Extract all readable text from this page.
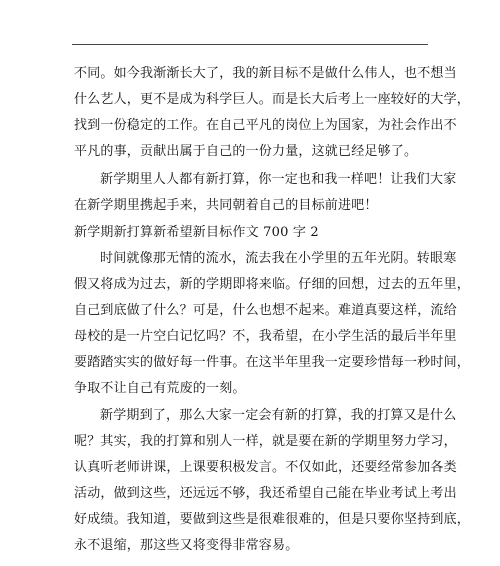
不同。如今我渐渐长大了，我的新目标不是做什么伟人，也不想当
什么艺人，更不是成为科学巨人。而是长大后考上一座较好的大学，
找到一份稳定的工作。在自己平凡的岗位上为国家，为社会作出不
平凡的事，贡献出属于自己的一份力量，这就已经足够了。
新学期里人人都有新打算，你一定也和我一样吧！让我们大家
在新学期里携起手来，共同朝着自己的目标前进吧！
新学期新打算新希望新目标作文 700 字 2
时间就像那无情的流水，流去我在小学里的五年光阴。转眼寒
假又将成为过去，新的学期即将来临。仔细的回想，过去的五年里，
自己到底做了什么？可是，什么也想不起来。难道真要这样，流给
母校的是一片空白记忆吗？不，我希望，在小学生活的最后半年里
要踏踏实实的做好每一件事。在这半年里我一定要珍惜每一秒时间，
争取不让自己有荒废的一刻。
新学期到了，那么大家一定会有新的打算，我的打算又是什么
呢？其实，我的打算和别人一样，就是要在新的学期里努力学习，
认真听老师讲课，上课要积极发言。不仅如此，还要经常参加各类
活动，做到这些，还远远不够，我还希望自己能在毕业考试上考出
好成绩。我知道，要做到这些是很难很难的，但是只要你坚持到底，
永不退缩，那这些又将变得非常容易。
